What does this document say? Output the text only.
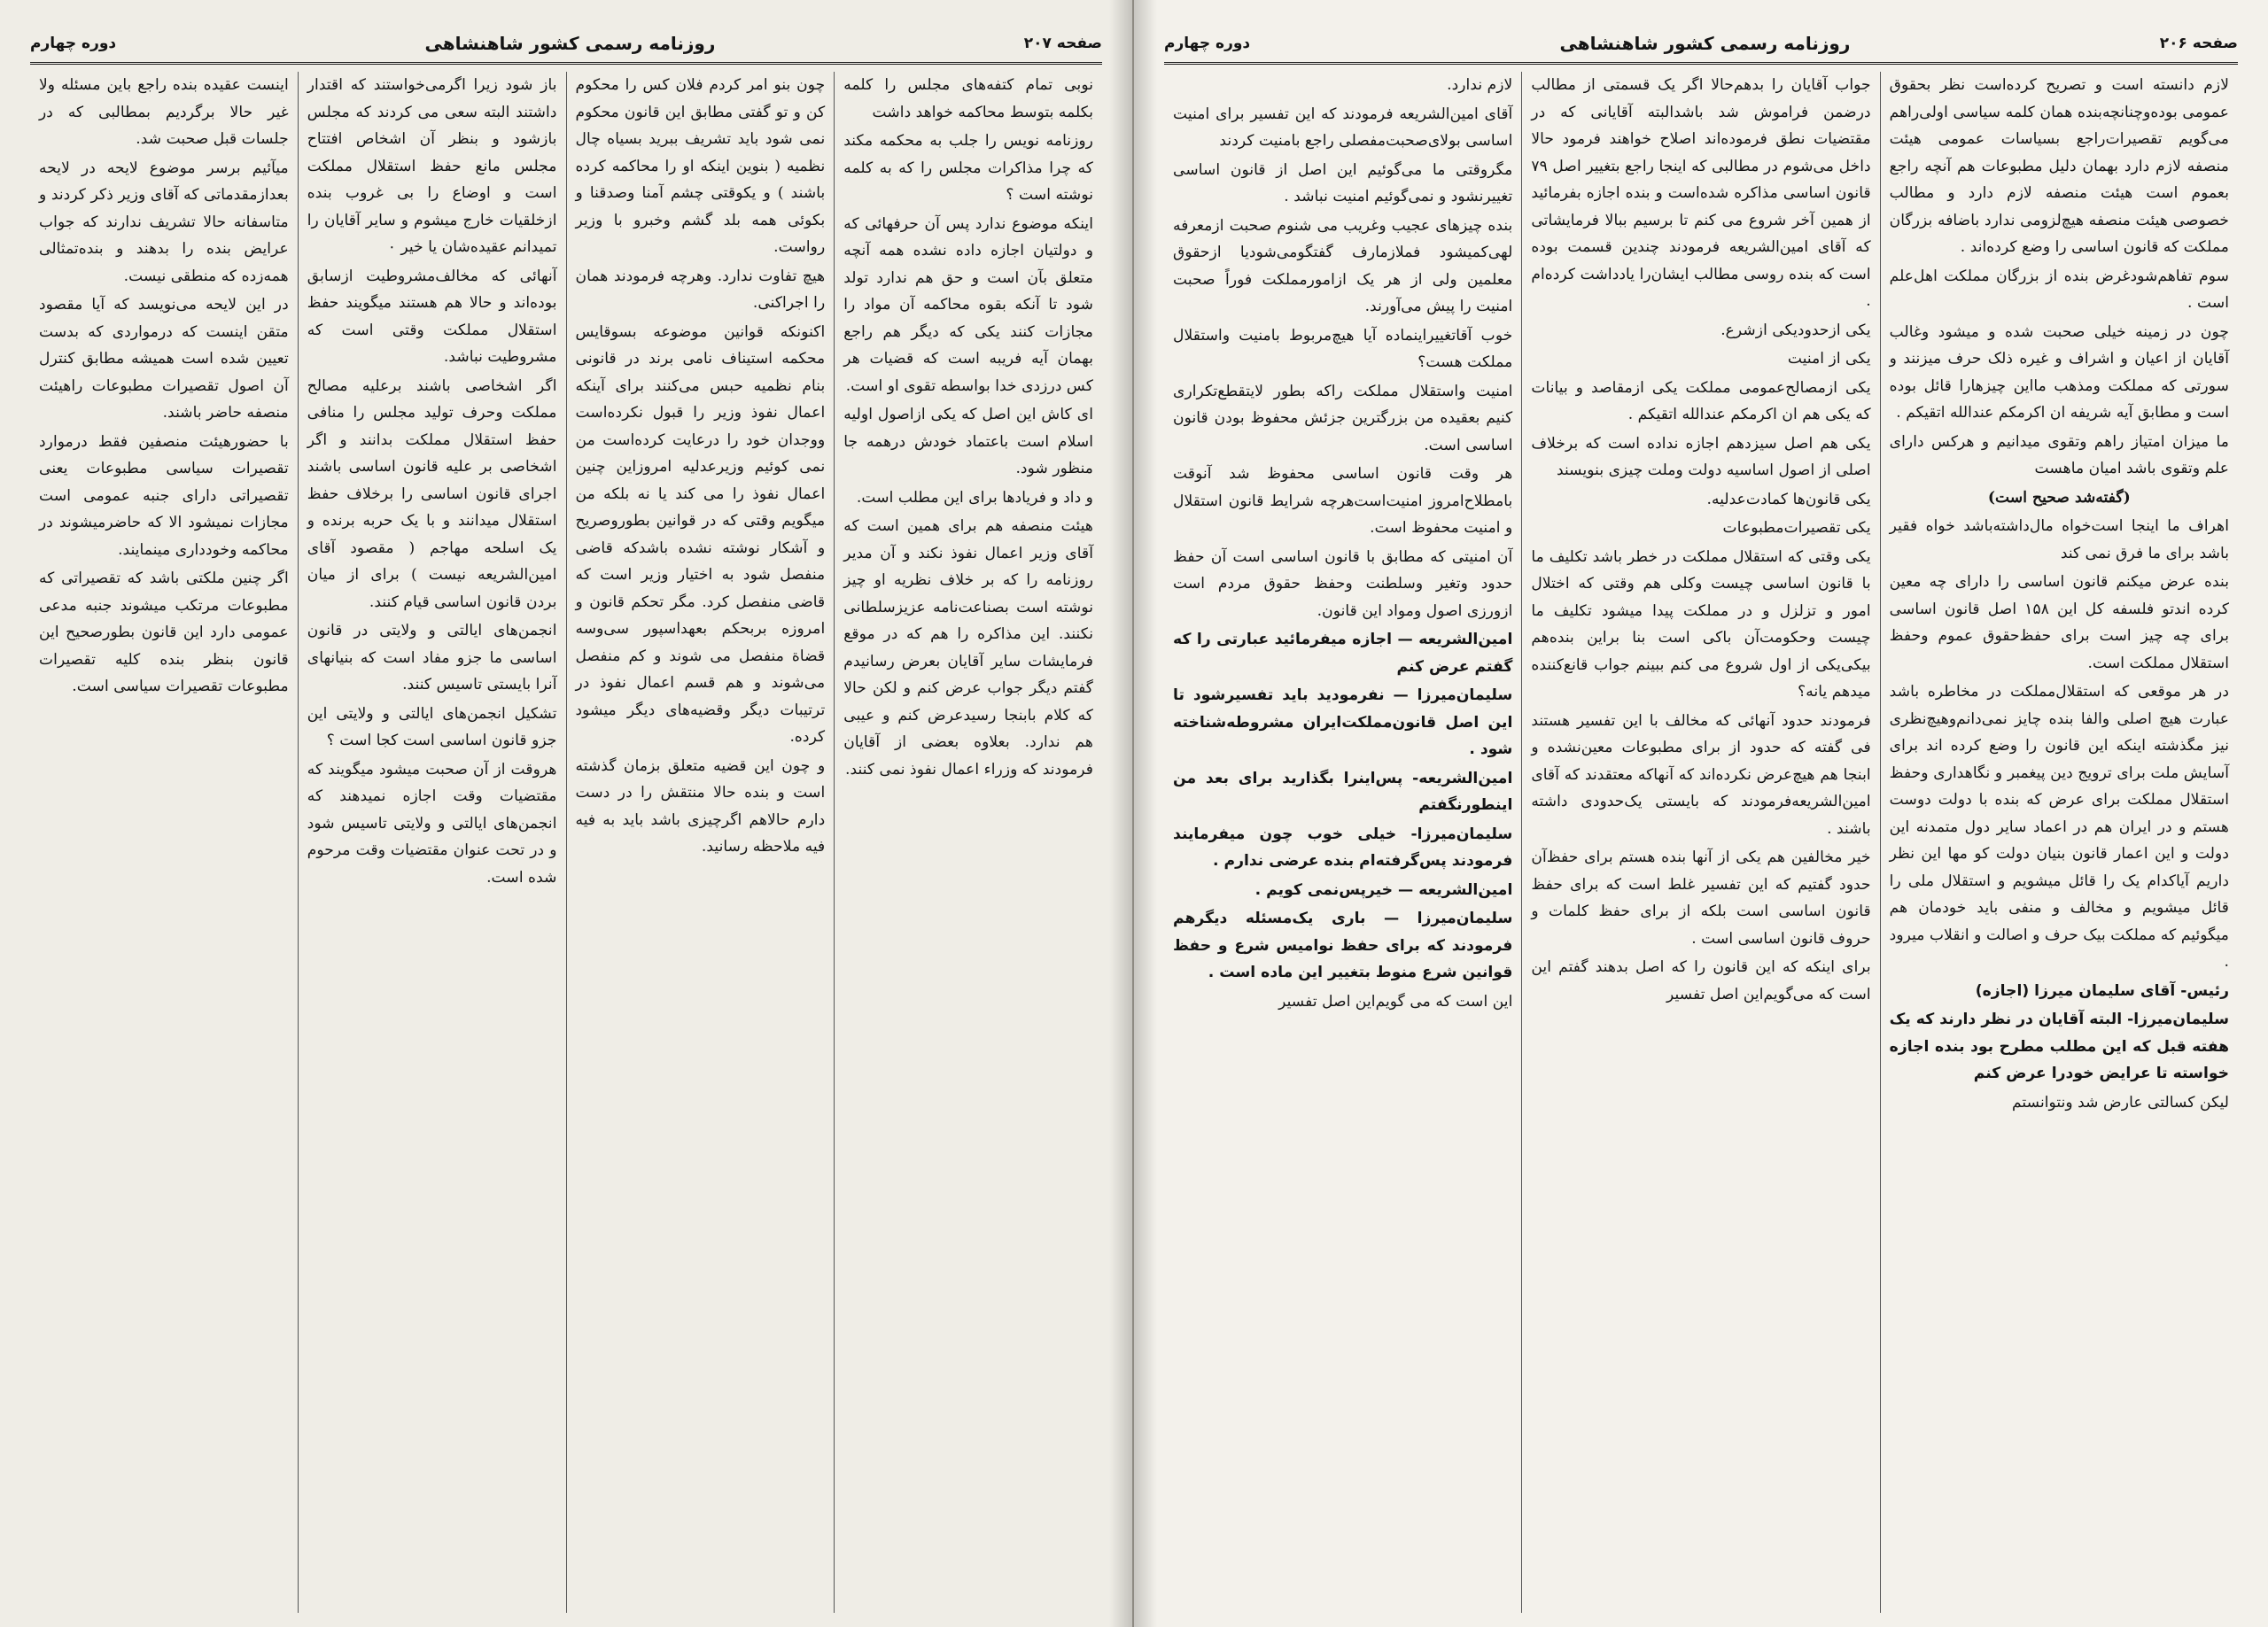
صفحه ۲۰۷
روزنامه رسمی کشور شاهنشاهی
دوره چهارم

نوبی تمام کتفه‌های مجلس را کلمه بکلمه بتوسط محاکمه خواهد داشت

روزنامه نویس را جلب به محکمه مکند که چرا مذاکرات مجلس را که به کلمه نوشته است ؟

اینکه موضوع ندارد پس آن حرفهائی که و دولتیان اجازه داده نشده همه آنچه متعلق بآن است و حق هم ندارد تولد شود تا آنکه بقوه محاکمه آن مواد را مجازات کنند یکی که دیگر هم راجع بهمان آیه فریبه است که قضیات هر کس درزدی خدا بواسطه تقوی او است.

ای کاش این اصل که یکی ازاصول اولیه اسلام است باعتماد خودش درهمه جا منظور شود.

و داد و فریادها برای این مطلب است.

هیئت منصفه هم برای همین است که آقای وزیر اعمال نفوذ نکند و آن مدیر روزنامه را که بر خلاف نظریه او چیز نوشته است بصناعت‌نامه عزیزسلطانی نکنند. این مذاکره را هم که در موقع فرمایشات سایر آقایان بعرض رسانیدم گفتم دیگر جواب عرض کنم و لکن حالا که کلام بابنجا رسیدعرض کنم و عیبی هم ندارد. بعلاوه بعضی از آقایان فرمودند که وزراء اعمال نفوذ نمی کنند.

چون بنو امر کردم فلان کس را محکوم کن و تو گفتی مطابق این قانون محکوم نمی شود باید تشریف ببرید بسیاه چال نظمیه ( بنوین اینکه او را محاکمه کرده باشند ) و یکوقتی چشم آمنا وصدقنا و بکوئی همه بلد گشم وخبرو با وزیر رواست.

هیچ تفاوت ندارد. وهرچه فرمودند همان را اجراکنی.

اکنونکه قوانین موضوعه بسوقایس محکمه استیناف نامی برند در قانونی بنام نظمیه حبس می‌کنند برای آینکه اعمال نفوذ وزیر را قبول نکرده‌است ووجدان خود را درعایت کرده‌است من نمی کوئیم وزیرعدلیه امروزاین چنین اعمال نفوذ را می کند یا نه بلکه من میگویم وقتی که در قوانین بطوروصریح و آشکار نوشته نشده باشدکه قاضی منفصل شود به اختیار وزیر است که قاضی منفصل کرد. مگر تحکم قانون و امروزه بربحکم بعهداسپور سی‌وسه قضاة منفصل می شوند و کم منفصل می‌شوند و هم قسم اعمال نفوذ در ترتیبات دیگر وقضیه‌های دیگر میشود کرده.

و چون این قضیه متعلق بزمان گذشته است و بنده حالا منتقش را در دست دارم حالاهم اگرچیزی باشد باید به فیه فیه ملاحظه رسانید.

باز شود زیرا اگرمی‌خواستند که اقتدار داشتند البته سعی می کردند که مجلس بازشود و بنظر آن اشخاص افتتاح مجلس مانع حفظ استقلال مملکت است و اوضاع را بی غروب بنده ازخلقیات خارج میشوم و سایر آقایان را تمیدانم عقیده‌شان یا خیر ۰

آنهائی که مخالف‌مشروطیت ازسابق بوده‌اند و حالا هم هستند میگویند حفظ استقلال مملکت وقتی است که مشروطیت نباشد.

اگر اشخاصی باشند برعلیه مصالح مملکت وحرف تولید مجلس را منافی حفظ استقلال مملکت بدانند و اگر اشخاصی بر علیه قانون اساسی باشند اجرای قانون اساسی را برخلاف حفظ استقلال میدانند و با یک حربه برنده و یک اسلحه مهاجم ( مقصود آقای امین‌الشریعه نیست ) برای از میان بردن قانون اساسی قیام کنند.

انجمن‌های ایالتی و ولایتی در قانون اساسی ما جزو مفاد است که بنیانهای آنرا بایستی تاسیس کنند.

تشکیل انجمن‌های ایالتی و ولایتی این جزو قانون اساسی است کجا است ؟

هروقت از آن صحبت میشود میگویند که مقتضیات وقت اجازه نمیدهند که انجمن‌های ایالتی و ولایتی تاسیس شود و در تحت عنوان مقتضیات وقت مرحوم شده است.

اینست عقیده بنده راجع باین مسئله ولا غیر حالا برگردیم بمطالبی که در جلسات قبل صحبت شد.

میآئیم برسر موضوع لایحه در لایحه بعدازمقدماتی که آقای وزیر ذکر کردند و متاسفانه حالا تشریف ندارند که جواب عرایض بنده را بدهند و بنده‌تمثالی همه‌زده که منطقی نیست.

در این لایحه می‌نویسد که آیا مقصود متقن اینست که درمواردی که بدست تعیین شده است همیشه مطابق کنترل آن اصول تقصیرات مطبوعات راهیئت منصفه حاضر باشند.

با حضورهیئت منصفین فقط درموارد تقصیرات سیاسی مطبوعات یعنی تقصیراتی دارای جنبه عمومی است مجازات نمیشود الا که حاضرمیشوند در محاکمه وخودداری مینمایند.

اگر چنین ملکتی باشد که تقصیراتی که مطبوعات مرتکب میشوند جنبه مدعی عمومی دارد این قانون بطورصحیح این قانون بنظر بنده کلیه تقصیرات مطبوعات تقصیرات سیاسی است.

صفحه ۲۰۶
روزنامه رسمی کشور شاهنشاهی
دوره چهارم

لازم دانسته است و تصریح کرده‌است نظر بحقوق عمومی بوده‌وچنانچه‌بنده همان کلمه سیاسی اولی‌راهم می‌گویم تقصیرات‌راجع بسیاسات عمومی هیئت منصفه لازم دارد بهمان دلیل مطبوعات هم آنچه راجع بعموم است هیئت منصفه لازم دارد و مطالب خصوصی هیئت منصفه هیچ‌لزومی ندارد باضافه بزرگان مملکت که قانون اساسی را وضع کرده‌اند .

سوم تفاهم‌شودغرض بنده از بزرگان مملکت اهل‌علم است .

چون در زمینه خیلی صحبت شده و میشود وغالب آقایان از اعیان و اشراف و غیره ذلک حرف میزنند و سورتی که مملکت ومذهب مااین چیزهارا قائل بوده است و مطابق آیه شریفه ان اکرمکم عندالله اتقیکم .

ما میزان امتیاز راهم وتقوی میدانیم و هرکس دارای علم وتقوی باشد امیان ماهست

(گفته‌شد صحیح است)

اهراف ما اینجا است‌خواه مال‌داشته‌باشد خواه فقیر باشد برای ما فرق نمی کند

بنده عرض میکنم قانون اساسی را دارای چه معین کرده اندتو فلسفه کل این ۱۵۸ اصل قانون اساسی برای چه چیز است برای حفظ‌حقوق عموم وحفظ استقلال مملکت است.

در هر موقعی که استقلال‌مملکت در مخاطره باشد عبارت هیچ اصلی والفا بنده چایز نمی‌دانم‌وهیچ‌نظری نیز مگذشته اینکه این قانون را وضع کرده اند برای آسایش ملت برای ترویج دین پیغمبر و نگاهداری وحفظ استقلال مملکت‌ برای عرض که بنده با دولت دوست هستم و در ایران هم در اعماد سایر دول متمدنه این دولت و این اعمار قانون بنیان دولت کو مها این نظر داریم آیا‌کدام‌ یک را قائل میشویم و استقلال ملی را قائل میشویم و مخالف و منفی باید خودمان هم میگوئیم که مملکت بیک حرف و اصالت و انقلاب میرود .

رئیس- آقای سلیمان میرزا (اجازه)

سلیمان‌میرزا- البته آقایان در نظر دارند که یک هفته قبل که این مطلب مطرح بود بنده اجازه خواسته تا عرایض خودرا عرض کنم

لیکن کسالتی عارض شد ونتوانستم

جواب آقایان را بدهم‌حالا اگر یک قسمتی از مطالب درضمن فراموش شد باشدالبته آقایانی که در مقتضیات نطق فرموده‌اند اصلاح خواهند فرمود حالا داخل می‌شوم در مطالبی که اینجا راجع بتغییر اصل ۷۹ قانون اساسی مذاکره شده‌است و بنده اجازه بفرمائید از همین آخر شروع می کنم تا برسیم ببالا فرمایشاتی که آقای امین‌الشریعه فرمودند چندین قسمت بوده است که بنده روسی مطالب ایشان‌را یادداشت کرده‌ام .

یکی ازحدودیکی ازشرع.

یکی از امنیت

یکی ازمصالح‌عمومی مملکت یکی ازمقاصد و بیانات که یکی هم ان اکرمکم عندالله اتقیکم .

یکی هم اصل سیزدهم اجازه نداده است که برخلاف اصلی از اصول اساسیه دولت وملت چیزی بنویسند

یکی قانون‌ها کمادت‌عدلیه.

یکی تقصیرات‌مطبوعات

یکی وقتی که استقلال مملکت در خطر باشد تکلیف ما با قانون اساسی چیست وکلی هم وقتی که اختلال امور و تزلزل و در مملکت پیدا میشود تکلیف ما چیست وحکومت‌آن باکی است بنا براین بنده‌هم بیکی‌یکی از اول شروع می کنم ببینم جواب قانع‌کننده میدهم یانه؟

فرمودند حدود آنهائی که مخالف با این تفسیر هستند فی گفته که حدود از برای مطبوعات معین‌نشده‌ و ابنجا هم هیچ‌عرض نکرده‌اند که آنهاکه معتقدند که آقای امین‌الشریعه‌فرمودند که بایستی یک‌حدودی داشته باشند .

خیر مخالفین هم یکی از آنها بنده هستم برای حفظ‌آن حدود گفتیم که این تفسیر غلط است که برای حفظ قانون اساسی است بلکه از برای حفظ کلمات و حروف قانون اساسی است .

برای اینکه که این قانون را که اصل بدهند گفتم این ‌است که می‌گویم‌این اصل تفسیر

لازم ندارد.

آقای امین‌الشریعه فرمودند که این تفسیر برای امنیت اساسی‌ بولای‌صحبت‌مفصلی راجع بامنیت کردند

مگروقتی ما می‌گوئیم این اصل از قانون اساسی تغییر‌نشود و نمی‌گوئیم امنیت نباشد .

بنده چیزهای عجیب وغریب می شنوم صحبت ازمعرفه لهی‌کمیشود فملازمارف گفتگومی‌شودیا ازحقوق معلمین ولی از هر یک ازامورمملکت فوراً صحبت امنیت را پیش می‌آورند.

خوب آقاتغییر‌اینماده آیا هیچ‌مربوط بامنیت واستقلال مملکت هست؟

امنیت واستقلال مملکت راکه بطور لایتقطع‌تکراری کنیم بعقیده من‌ بزرگترین جزئش محفوظ بودن قانون اساسی است.

هر وقت قانون اساسی محفوظ شد آنوقت بامطلاح‌امروز امنیت‌است‌هرچه شرایط قانون استقلال و امنیت محفوظ است.

آن امنیتی که مطابق با قانون اساسی است آن حفظ حدود وتغیر وسلطنت وحفظ حقوق مردم است ازورزی اصول ومواد این قانون.

امین‌الشریعه — اجازه میفرمائید عبارتی را که گفتم عرض کنم

سلیمان‌میرزا — نفرمودید باید تفسیر‌شود تا این اصل قانون‌مملکت‌ایران مشروطه‌شناخته شود .

امین‌الشریعه- پس‌اینرا بگذارید برای بعد من اینطورنگفتم

سلیمان‌میرزا- خیلی خوب چون میفرمایند فرمودند پس‌گرفته‌ام بنده عرضی ندارم .

امین‌الشریعه — خیرپس‌نمی کویم .

سلیمان‌میرزا — باری یک‌مسئله دیگرهم فرمودند که برای حفظ نوامیس شرع و حفظ قوانین شرع منوط بتغییر این ماده است .

این است که می گویم‌این اصل تفسیر
